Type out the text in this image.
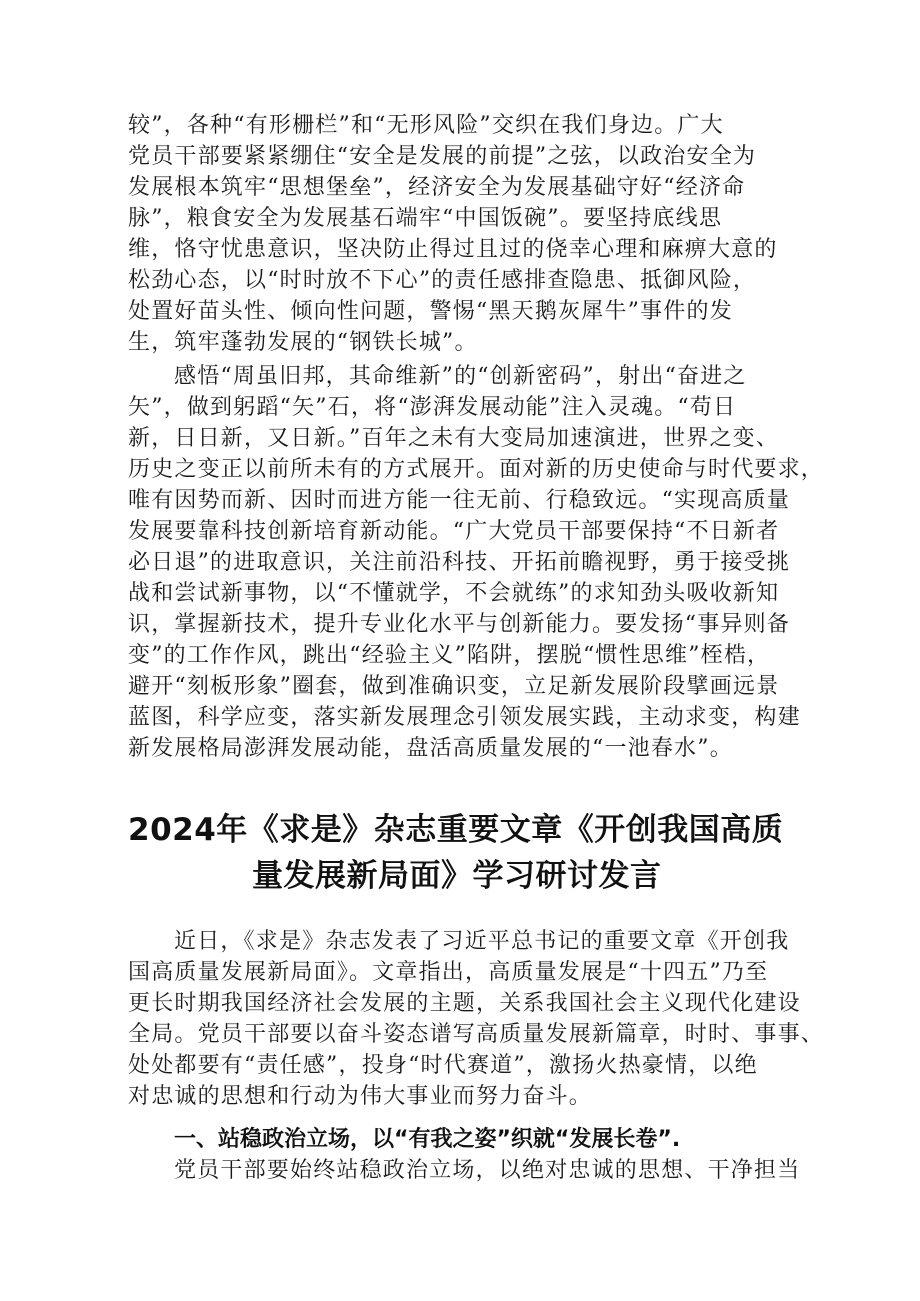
较”，各种“有形栅栏”和“无形风险”交织在我们身边。广大
党员干部要紧紧绷住“安全是发展的前提”之弦，以政治安全为
发展根本筑牢“思想堡垒”，经济安全为发展基础守好“经济命
脉”，粮食安全为发展基石端牢“中国饭碗”。要坚持底线思
维，恪守忧患意识，坚决防止得过且过的侥幸心理和麻痹大意的
松劲心态，以“时时放不下心”的责任感排查隐患、抵御风险，
处置好苗头性、倾向性问题，警惕“黑天鹅灰犀牛”事件的发
生，筑牢蓬勃发展的“钢铁长城”。
感悟“周虽旧邦，其命维新”的“创新密码”，射出“奋进之
矢”，做到躬蹈“矢”石，将“澎湃发展动能”注入灵魂。“苟日
新，日日新，又日新。”百年之未有大变局加速演进，世界之变、
历史之变正以前所未有的方式展开。面对新的历史使命与时代要求，
唯有因势而新、因时而进方能一往无前、行稳致远。“实现高质量
发展要靠科技创新培育新动能。“广大党员干部要保持“不日新者
必日退”的进取意识，关注前沿科技、开拓前瞻视野，勇于接受挑
战和尝试新事物，以“不懂就学，不会就练”的求知劲头吸收新知
识，掌握新技术，提升专业化水平与创新能力。要发扬“事异则备
变”的工作作风，跳出“经验主义”陷阱，摆脱“惯性思维”桎梏，
避开“刻板形象”圈套，做到准确识变，立足新发展阶段擘画远景
蓝图，科学应变，落实新发展理念引领发展实践，主动求变，构建
新发展格局澎湃发展动能，盘活高质量发展的“一池春水”。
2024年《求是》杂志重要文章《开创我国高质
量发展新局面》学习研讨发言
近日，《求是》杂志发表了习近平总书记的重要文章《开创我
国高质量发展新局面》。文章指出，高质量发展是“十四五”乃至
更长时期我国经济社会发展的主题，关系我国社会主义现代化建设
全局。党员干部要以奋斗姿态谱写高质量发展新篇章，时时、事事、
处处都要有“责任感”，投身“时代赛道”，激扬火热豪情，以绝
对忠诚的思想和行动为伟大事业而努力奋斗。
一、站稳政治立场，以“有我之姿”织就“发展长卷”.
党员干部要始终站稳政治立场，以绝对忠诚的思想、干净担当
